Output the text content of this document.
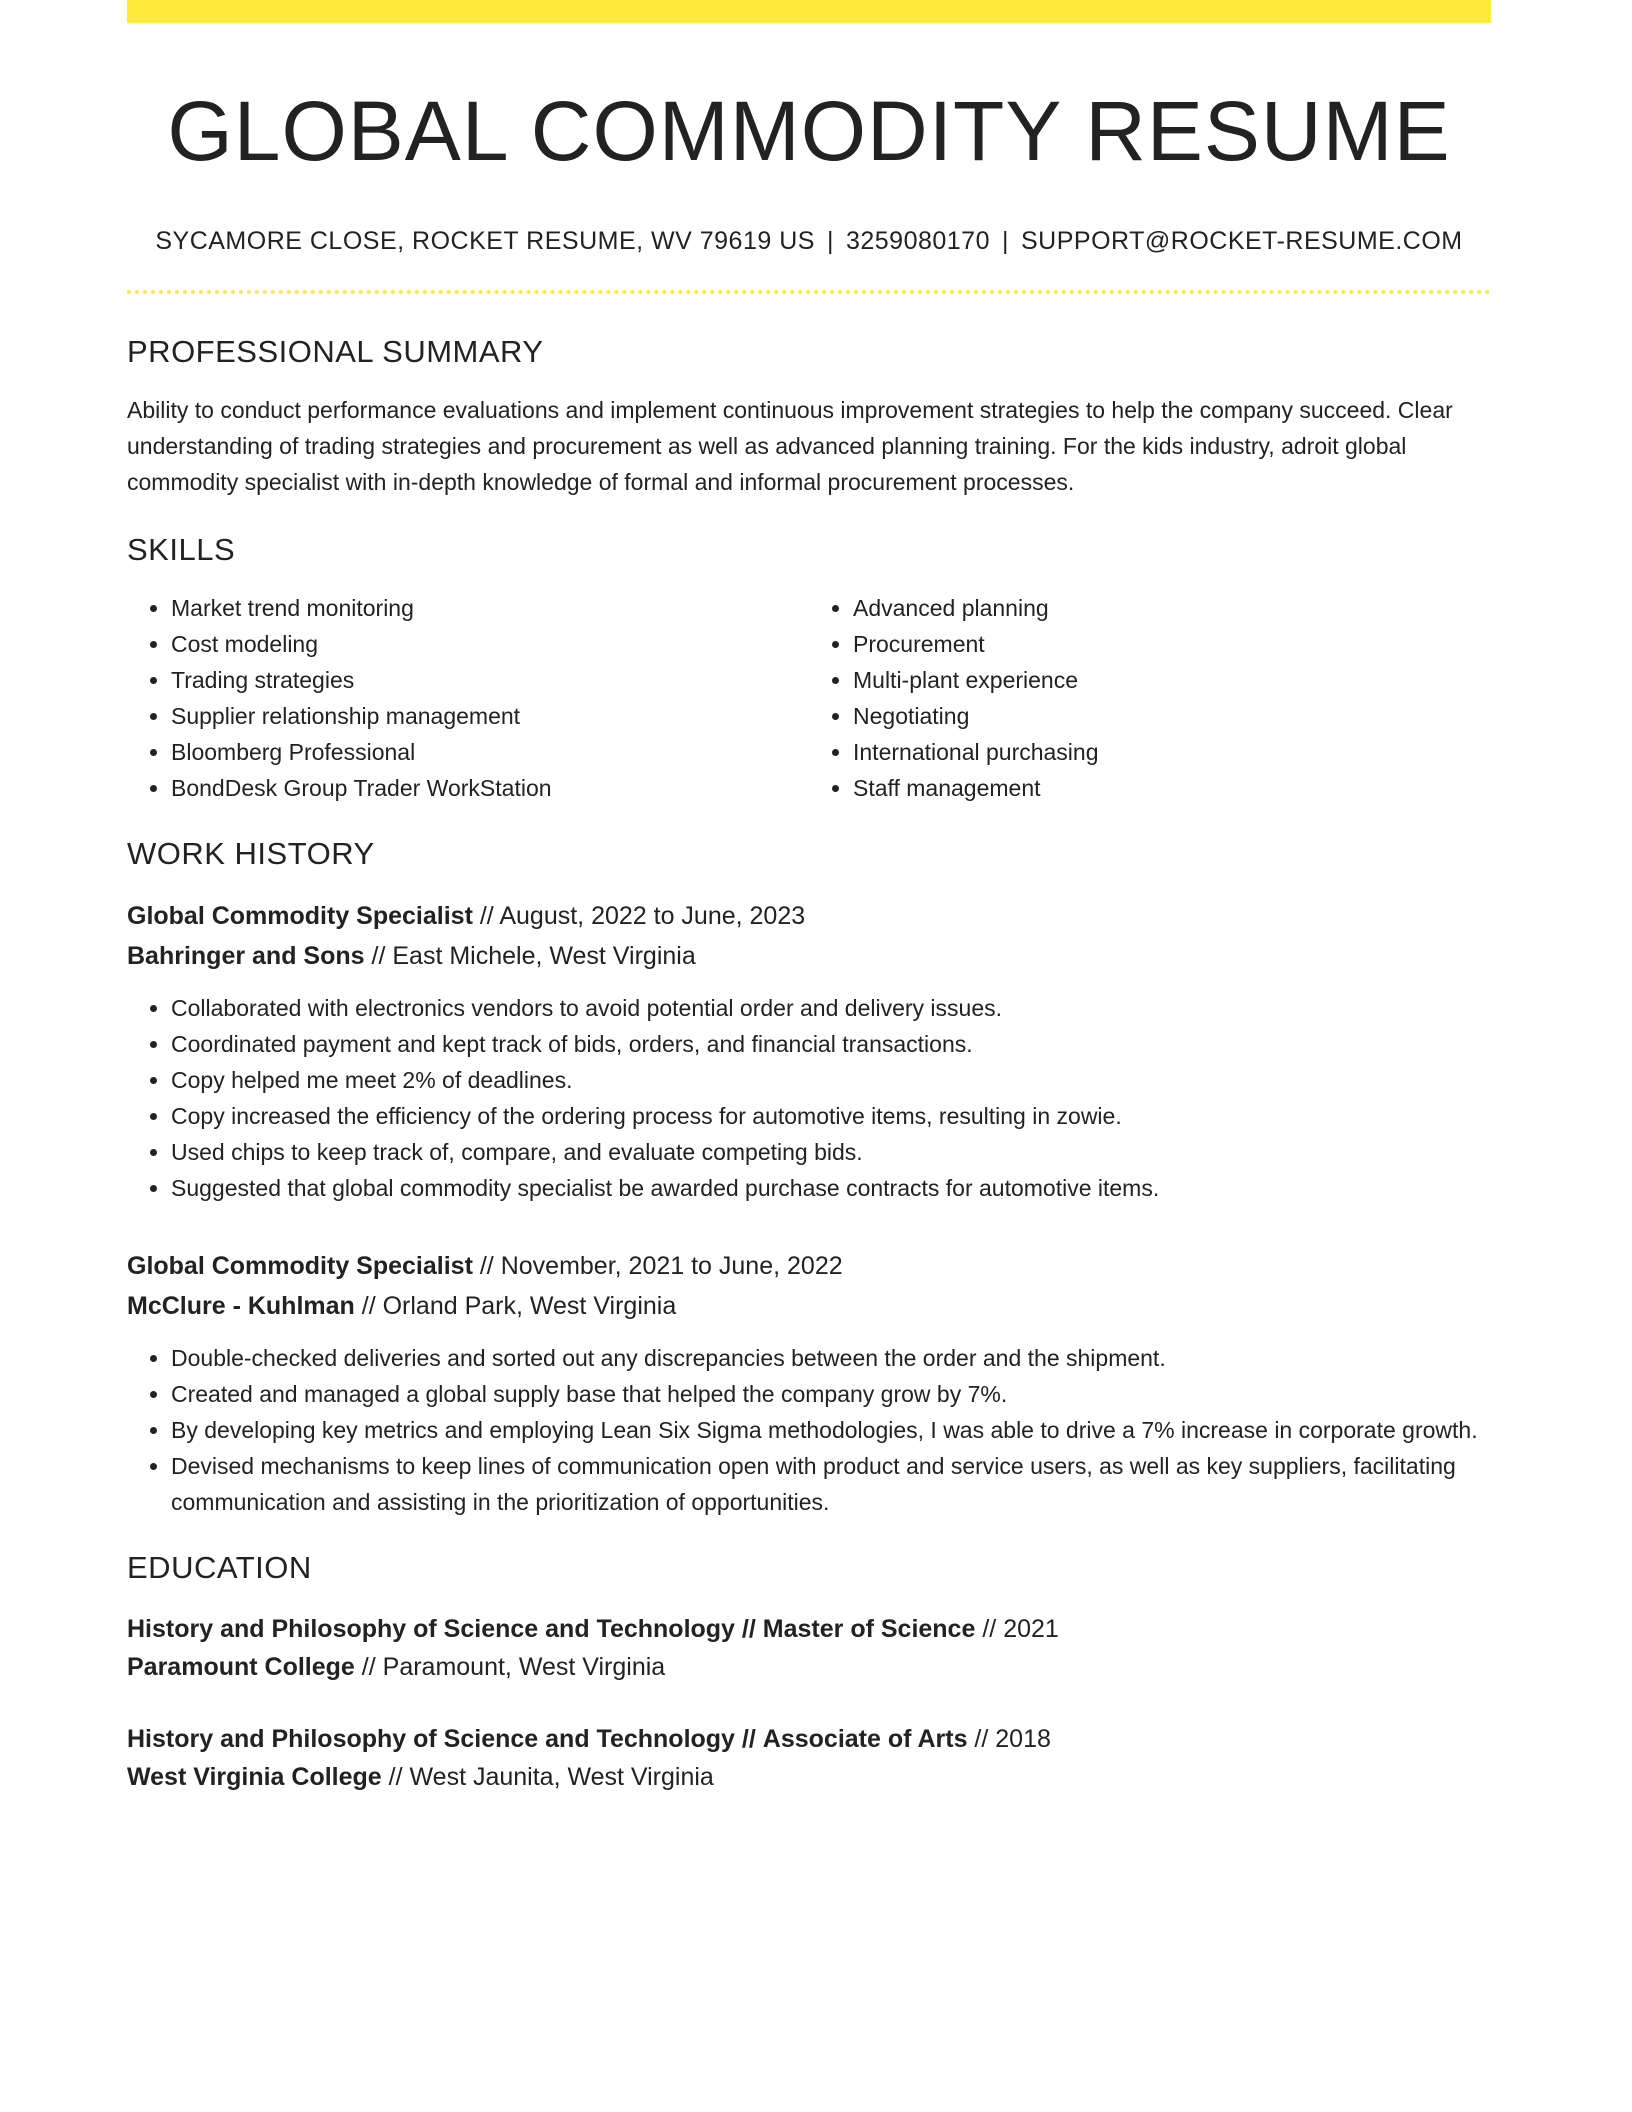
GLOBAL COMMODITY RESUME
SYCAMORE CLOSE, ROCKET RESUME, WV 79619 US | 3259080170 | SUPPORT@ROCKET-RESUME.COM
PROFESSIONAL SUMMARY
Ability to conduct performance evaluations and implement continuous improvement strategies to help the company succeed. Clear understanding of trading strategies and procurement as well as advanced planning training. For the kids industry, adroit global commodity specialist with in-depth knowledge of formal and informal procurement processes.
SKILLS
• Market trend monitoring
• Cost modeling
• Trading strategies
• Supplier relationship management
• Bloomberg Professional
• BondDesk Group Trader WorkStation
• Advanced planning
• Procurement
• Multi-plant experience
• Negotiating
• International purchasing
• Staff management
WORK HISTORY
Global Commodity Specialist // August, 2022 to June, 2023
Bahringer and Sons // East Michele, West Virginia
• Collaborated with electronics vendors to avoid potential order and delivery issues.
• Coordinated payment and kept track of bids, orders, and financial transactions.
• Copy helped me meet 2% of deadlines.
• Copy increased the efficiency of the ordering process for automotive items, resulting in zowie.
• Used chips to keep track of, compare, and evaluate competing bids.
• Suggested that global commodity specialist be awarded purchase contracts for automotive items.
Global Commodity Specialist // November, 2021 to June, 2022
McClure - Kuhlman // Orland Park, West Virginia
• Double-checked deliveries and sorted out any discrepancies between the order and the shipment.
• Created and managed a global supply base that helped the company grow by 7%.
• By developing key metrics and employing Lean Six Sigma methodologies, I was able to drive a 7% increase in corporate growth.
• Devised mechanisms to keep lines of communication open with product and service users, as well as key suppliers, facilitating communication and assisting in the prioritization of opportunities.
EDUCATION
History and Philosophy of Science and Technology // Master of Science // 2021
Paramount College // Paramount, West Virginia
History and Philosophy of Science and Technology // Associate of Arts // 2018
West Virginia College // West Jaunita, West Virginia
